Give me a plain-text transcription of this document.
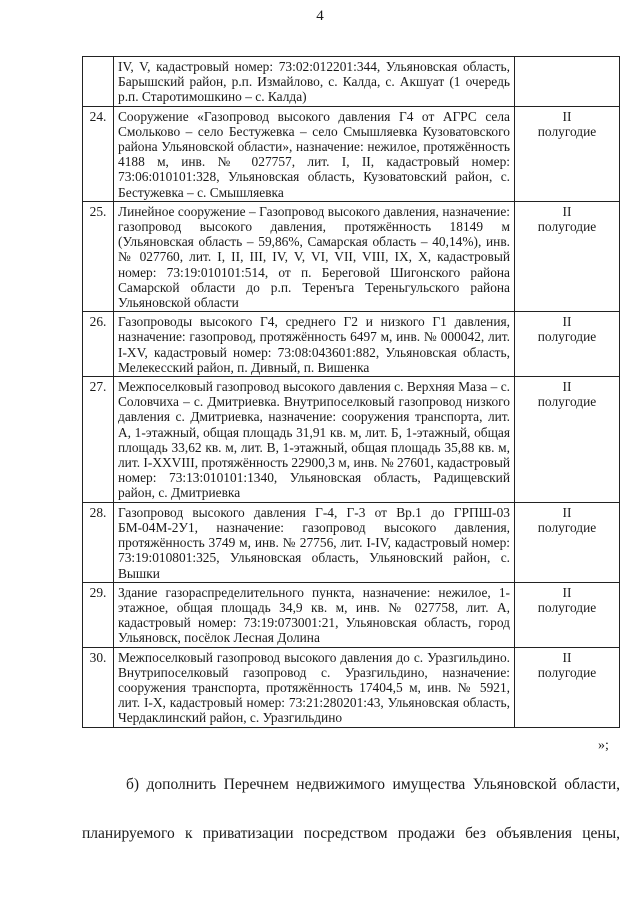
4
	IV, V, кадастровый номер: 73:02:012201:344, Ульяновская область, Барышский район, р.п. Измайлово, с. Калда, с. Акшуат (1 очередь р.п. Старотимошкино – с. Калда)	

24.	Сооружение «Газопровод высокого давления Г4 от АГРС села Смольково – село Бестужевка – село Смышляевка Кузоватовского района Ульяновской области», назначение: нежилое, протяжённость 4188 м, инв. № 027757, лит. I, II, кадастровый номер: 73:06:010101:328, Ульяновская область, Кузоватовский район, с. Бестужевка – с. Смышляевка	II
полугодие

25.	Линейное сооружение – Газопровод высокого давления, назначение: газопровод высокого давления, протяжённость 18149 м (Ульяновская область – 59,86%, Самарская область – 40,14%), инв. № 027760, лит. I, II, III, IV, V, VI, VII, VIII, IX, X, кадастровый номер: 73:19:010101:514, от п. Береговой Шигонского района Самарской области до р.п. Теренъга Тереньгульского района Ульяновской области	II
полугодие

26.	Газопроводы высокого Г4, среднего Г2 и низкого Г1 давления, назначение: газопровод, протяжённость 6497 м, инв. № 000042, лит. I-XV, кадастровый номер: 73:08:043601:882, Ульяновская область, Мелекесский район, п. Дивный, п. Вишенка	II
полугодие

27.	Межпоселковый газопровод высокого давления с. Верхняя Маза – с. Соловчиха – с. Дмитриевка. Внутрипоселковый газопровод низкого давления с. Дмитриевка, назначение: сооружения транспорта, лит. А, 1-этажный, общая площадь 31,91 кв. м, лит. Б, 1-этажный, общая площадь 33,62 кв. м, лит. В, 1-этажный, общая площадь 35,88 кв. м, лит. I-XXVIII, протяжённость 22900,3 м, инв. № 27601, кадастровый номер: 73:13:010101:1340, Ульяновская область, Радищевский район, с. Дмитриевка	II
полугодие

28.	Газопровод высокого давления Г-4, Г-3 от Вр.1 до ГРПШ-03 БМ-04М-2У1, назначение: газопровод высокого давления, протяжённость 3749 м, инв. № 27756, лит. I-IV, кадастровый номер: 73:19:010801:325, Ульяновская область, Ульяновский район, с. Вышки	II
полугодие

29.	Здание газораспределительного пункта, назначение: нежилое, 1-этажное, общая площадь 34,9 кв. м, инв. № 027758, лит. А, кадастровый номер: 73:19:073001:21, Ульяновская область, город Ульяновск, посёлок Лесная Долина	II
полугодие

30.	Межпоселковый газопровод высокого давления до с. Уразгильдино. Внутрипоселковый газопровод с. Уразгильдино, назначение: сооружения транспорта, протяжённость 17404,5 м, инв. № 5921, лит. I-X, кадастровый номер: 73:21:280201:43, Ульяновская область, Чердаклинский район, с. Уразгильдино	II
полугодие
»;
б) дополнить Перечнем недвижимого имущества Ульяновской области,
планируемого к приватизации посредством продажи без объявления цены,
